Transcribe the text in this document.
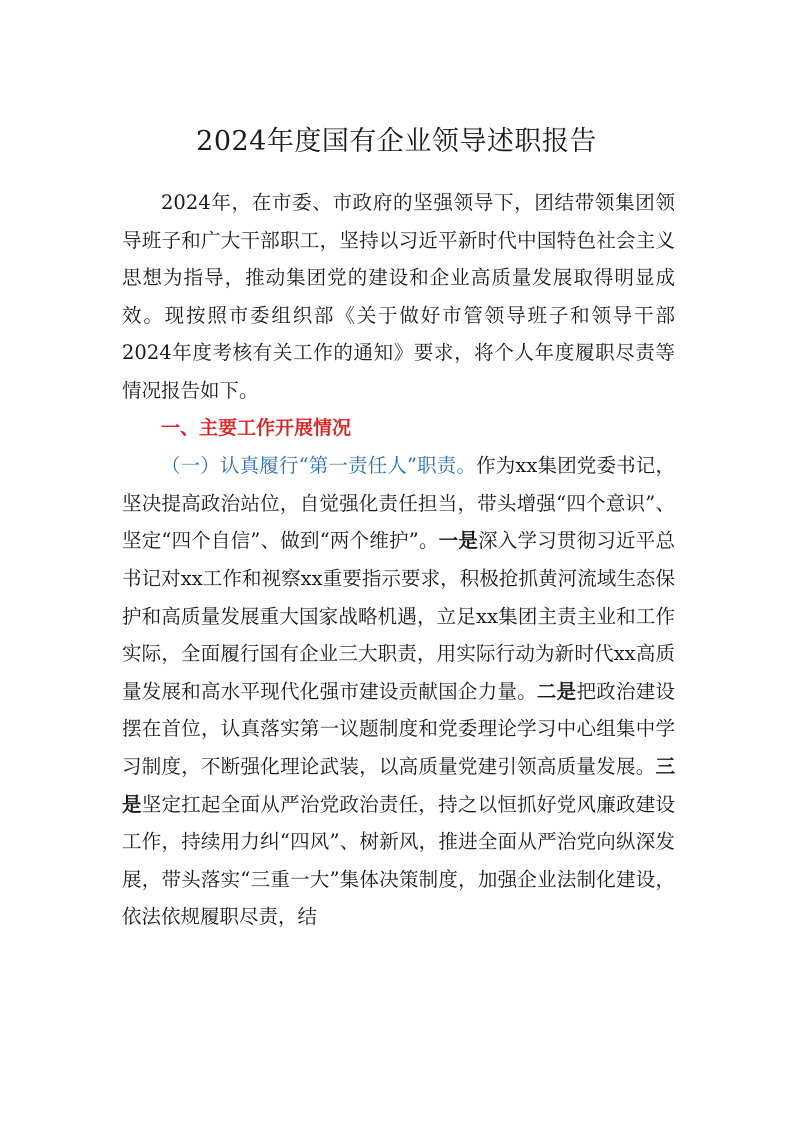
2024年度国有企业领导述职报告

2024年，在市委、市政府的坚强领导下，团结带领集团领导班子和广大干部职工，坚持以习近平新时代中国特色社会主义思想为指导，推动集团党的建设和企业高质量发展取得明显成效。现按照市委组织部《关于做好市管领导班子和领导干部2024年度考核有关工作的通知》要求，将个人年度履职尽责等情况报告如下。

一、主要工作开展情况

（一）认真履行“第一责任人”职责。作为xx集团党委书记，坚决提高政治站位，自觉强化责任担当，带头增强“四个意识”、坚定“四个自信”、做到“两个维护”。一是深入学习贯彻习近平总书记对xx工作和视察xx重要指示要求，积极抢抓黄河流域生态保护和高质量发展重大国家战略机遇，立足xx集团主责主业和工作实际，全面履行国有企业三大职责，用实际行动为新时代xx高质量发展和高水平现代化强市建设贡献国企力量。二是把政治建设摆在首位，认真落实第一议题制度和党委理论学习中心组集中学习制度，不断强化理论武装，以高质量党建引领高质量发展。三是坚定扛起全面从严治党政治责任，持之以恒抓好党风廉政建设工作，持续用力纠“四风”、树新风，推进全面从严治党向纵深发展，带头落实“三重一大”集体决策制度，加强企业法制化建设，依法依规履职尽责，结
